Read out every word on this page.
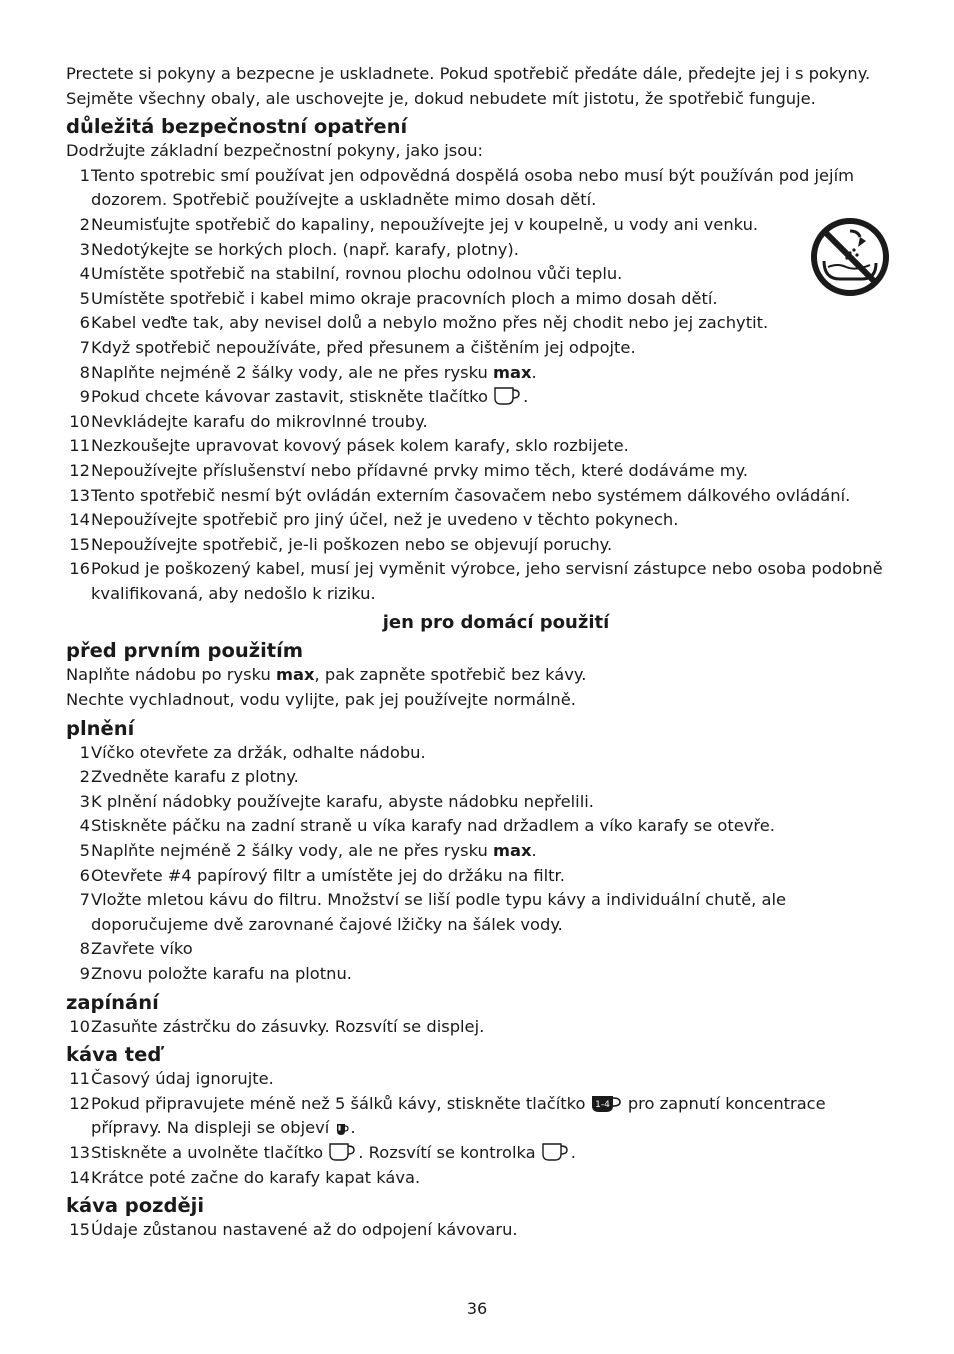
Prectete si pokyny a bezpecne je uskladnete. Pokud spotřebič předáte dále, předejte jej i s pokyny. Sejměte všechny obaly, ale uschovejte je, dokud nebudete mít jistotu, že spotřebič funguje.

důležitá bezpečnostní opatření

Dodržujte základní bezpečnostní pokyny, jako jsou:

1 Tento spotrebic smí používat jen odpovědná dospělá osoba nebo musí být používán pod jejím dozorem. Spotřebič používejte a uskladněte mimo dosah dětí.
2 Neumisťujte spotřebič do kapaliny, nepoužívejte jej v koupelně, u vody ani venku.
3 Nedotýkejte se horkých ploch. (např. karafy, plotny).
4 Umístěte spotřebič na stabilní, rovnou plochu odolnou vůči teplu.
5 Umístěte spotřebič i kabel mimo okraje pracovních ploch a mimo dosah dětí.
6 Kabel veďte tak, aby nevisel dolů a nebylo možno přes něj chodit nebo jej zachytit.
7 Když spotřebič nepoužíváte, před přesunem a čištěním jej odpojte.
8 Naplňte nejméně 2 šálky vody, ale ne přes rysku max.
9 Pokud chcete kávovar zastavit, stiskněte tlačítko .
10 Nevkládejte karafu do mikrovlnné trouby.
11 Nezkoušejte upravovat kovový pásek kolem karafy, sklo rozbijete.
12 Nepoužívejte příslušenství nebo přídavné prvky mimo těch, které dodáváme my.
13 Tento spotřebič nesmí být ovládán externím časovačem nebo systémem dálkového ovládání.
14 Nepoužívejte spotřebič pro jiný účel, než je uvedeno v těchto pokynech.
15 Nepoužívejte spotřebič, je-li poškozen nebo se objevují poruchy.
16 Pokud je poškozený kabel, musí jej vyměnit výrobce, jeho servisní zástupce nebo osoba podobně kvalifikovaná, aby nedošlo k riziku.
jen pro domácí použití
před prvním použitím

Naplňte nádobu po rysku max, pak zapněte spotřebič bez kávy.

Nechte vychladnout, vodu vylijte, pak jej používejte normálně.

plnění
1 Víčko otevřete za držák, odhalte nádobu.
2 Zvedněte karafu z plotny.
3 K plnění nádobky používejte karafu, abyste nádobku nepřelili.
4 Stiskněte páčku na zadní straně u víka karafy nad držadlem a víko karafy se otevře.
5 Naplňte nejméně 2 šálky vody, ale ne přes rysku max.
6 Otevřete #4 papírový filtr a umístěte jej do držáku na filtr.
7 Vložte mletou kávu do filtru. Množství se liší podle typu kávy a individuální chutě, ale doporučujeme dvě zarovnané čajové lžičky na šálek vody.
8 Zavřete víko
9 Znovu položte karafu na plotnu.
zapínání
10 Zasuňte zástrčku do zásuvky. Rozsvítí se displej.
káva teď
11 Časový údaj ignorujte.
12 Pokud připravujete méně než 5 šálků kávy, stiskněte tlačítko 1-4 pro zapnutí koncentrace přípravy. Na displeji se objeví .
13 Stiskněte a uvolněte tlačítko . Rozsvítí se kontrolka .
14 Krátce poté začne do karafy kapat káva.
káva později
15 Údaje zůstanou nastavené až do odpojení kávovaru.
36
